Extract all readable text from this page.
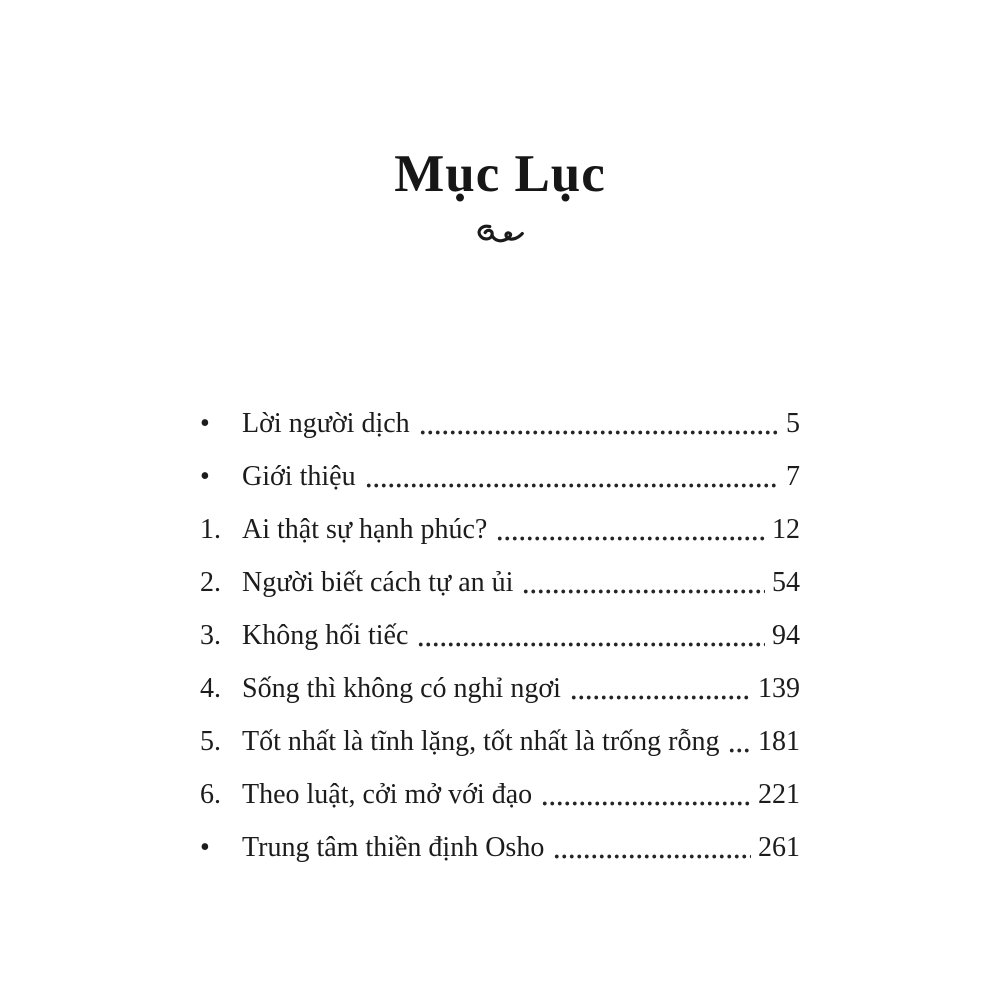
Mục Lục
•	Lời người dịch	5
•	Giới thiệu	7
1. Ai thật sự hạnh phúc?	12
2. Người biết cách tự an ủi	54
3. Không hối tiếc	94
4. Sống thì không có nghỉ ngơi	139
5. Tốt nhất là tĩnh lặng, tốt nhất là trống rỗng 181
6. Theo luật, cởi mở với đạo	221
•	Trung tâm thiền định Osho	261
